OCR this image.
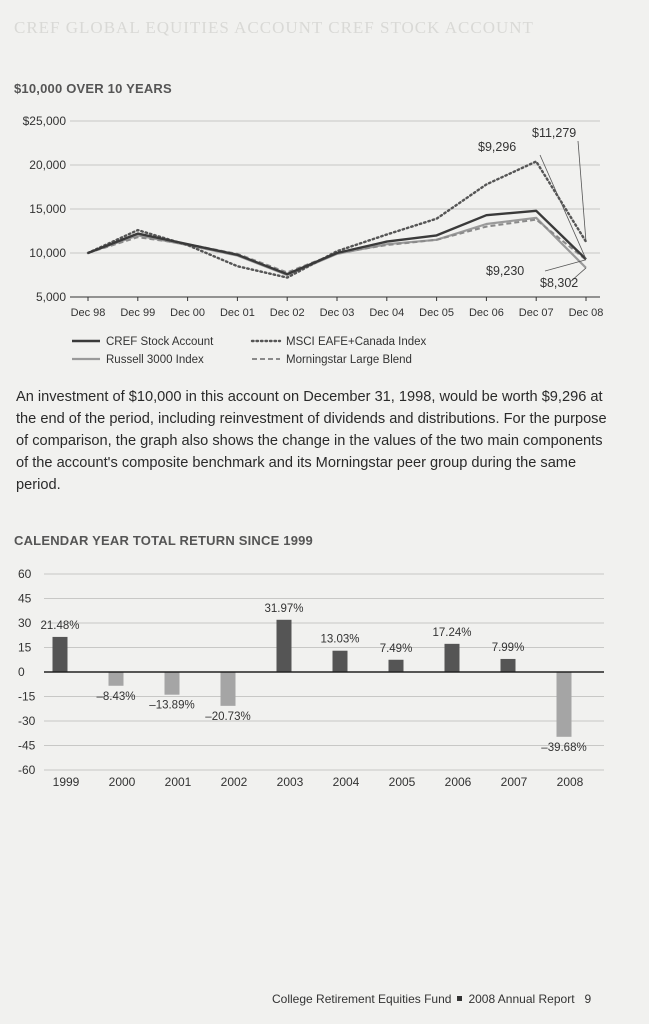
CREF GLOBAL EQUITIES ACCOUNT CREF STOCK ACCOUNT
$10,000 OVER 10 YEARS
$25,000
20,000
15,000
10,000
5,000
Dec 98 Dec 99 Dec 00 Dec 01 Dec 02 Dec 03 Dec 04 Dec 05 Dec 06 Dec 07 Dec 08
$11,279
$9,296
$9,230
$8,302
CREF Stock Account	MSCI EAFE+Canada Index
Russell 3000 Index	Morningstar Large Blend
An investment of $10,000 in this account on December 31, 1998, would be worth $9,296 at the end of the period, including reinvestment of dividends and distributions. For the purpose of comparison, the graph also shows the change in the values of the two main components of the account's composite benchmark and its Morningstar peer group during the same period.
CALENDAR YEAR TOTAL RETURN SINCE 1999
60
45
30
15
0
-15
-30
-45
-60
21.48%
1999
–8.43%
2000
–13.89%
2001
–20.73%
2002
31.97%
2003
13.03%
2004
7.49%
2005
17.24%
2006
7.99%
2007
–39.68%
2008
College Retirement Equities Fund 2008 Annual Report 9
